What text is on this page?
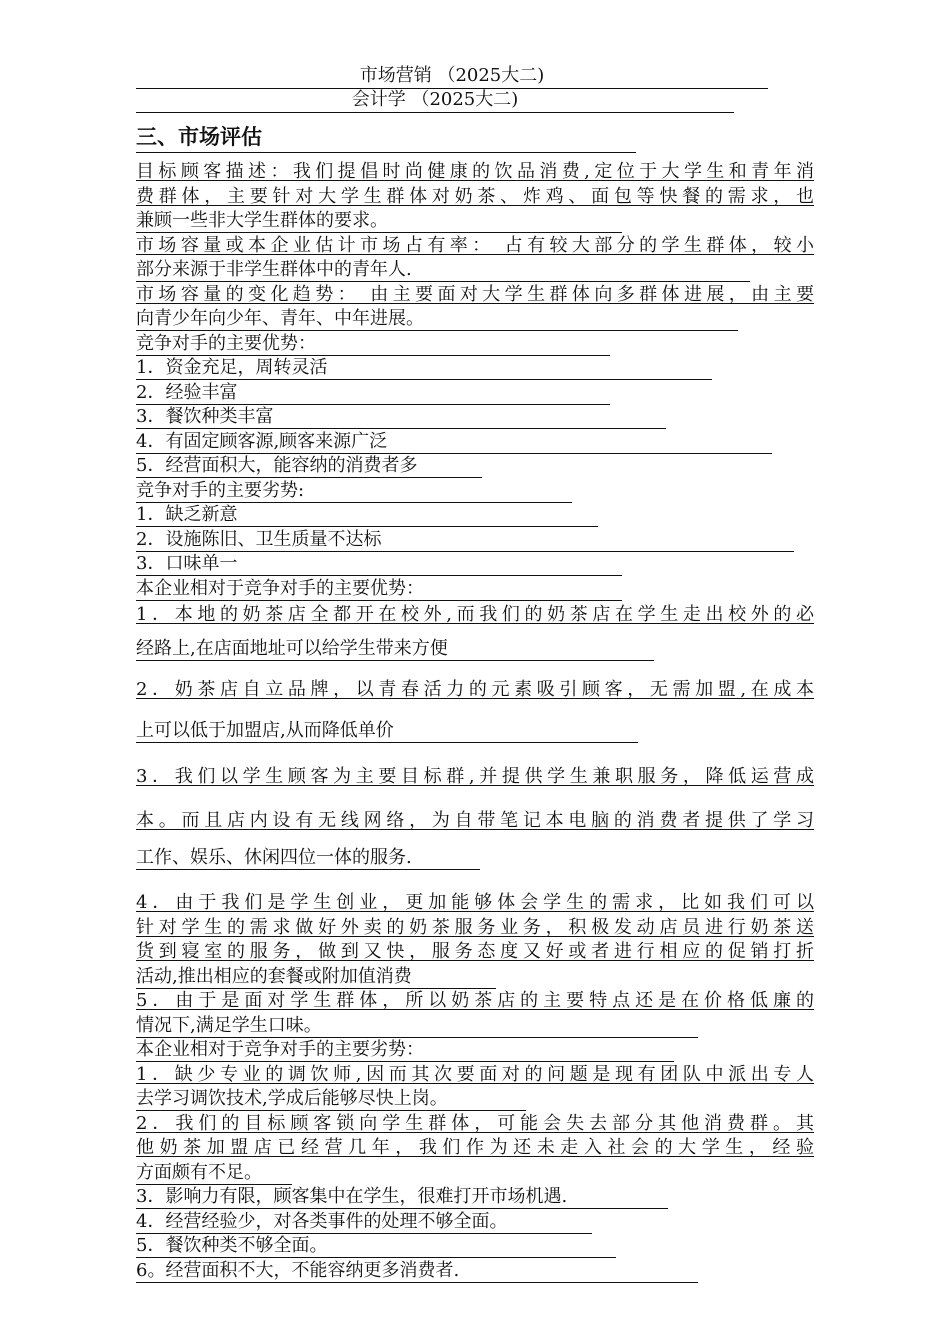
市场营销 （2025大二)
会计学 （2025大二)
三、市场评估
目标顾客描述：我们提倡时尚健康的饮品消费,定位于大学生和青年消
费群体，主要针对大学生群体对奶茶、炸鸡、面包等快餐的需求，也
兼顾一些非大学生群体的要求。
市场容量或本企业估计市场占有率： 占有较大部分的学生群体，较小
部分来源于非学生群体中的青年人.
市场容量的变化趋势： 由主要面对大学生群体向多群体进展，由主要
向青少年向少年、青年、中年进展。
竞争对手的主要优势：
1．资金充足，周转灵活
2．经验丰富
3．餐饮种类丰富
4．有固定顾客源,顾客来源广泛
5．经营面积大，能容纳的消费者多
竞争对手的主要劣势:
1．缺乏新意
2．设施陈旧、卫生质量不达标
3．口味单一
本企业相对于竞争对手的主要优势：
1．本地的奶茶店全都开在校外,而我们的奶茶店在学生走出校外的必
经路上,在店面地址可以给学生带来方便
2．奶茶店自立品牌，以青春活力的元素吸引顾客，无需加盟,在成本
上可以低于加盟店,从而降低单价
3．我们以学生顾客为主要目标群,并提供学生兼职服务，降低运营成
本。而且店内设有无线网络，为自带笔记本电脑的消费者提供了学习
工作、娱乐、休闲四位一体的服务.
4．由于我们是学生创业，更加能够体会学生的需求，比如我们可以
针对学生的需求做好外卖的奶茶服务业务，积极发动店员进行奶茶送
货到寝室的服务，做到又快，服务态度又好或者进行相应的促销打折
活动,推出相应的套餐或附加值消费
5．由于是面对学生群体，所以奶茶店的主要特点还是在价格低廉的
情况下,满足学生口味。
本企业相对于竞争对手的主要劣势：
1．缺少专业的调饮师,因而其次要面对的问题是现有团队中派出专人
去学习调饮技术,学成后能够尽快上岗。
2．我们的目标顾客锁向学生群体，可能会失去部分其他消费群。其
他奶茶加盟店已经营几年，我们作为还未走入社会的大学生，经验
方面颇有不足。
3．影响力有限，顾客集中在学生，很难打开市场机遇.
4．经营经验少，对各类事件的处理不够全面。
5．餐饮种类不够全面。
6。经营面积不大，不能容纳更多消费者.
